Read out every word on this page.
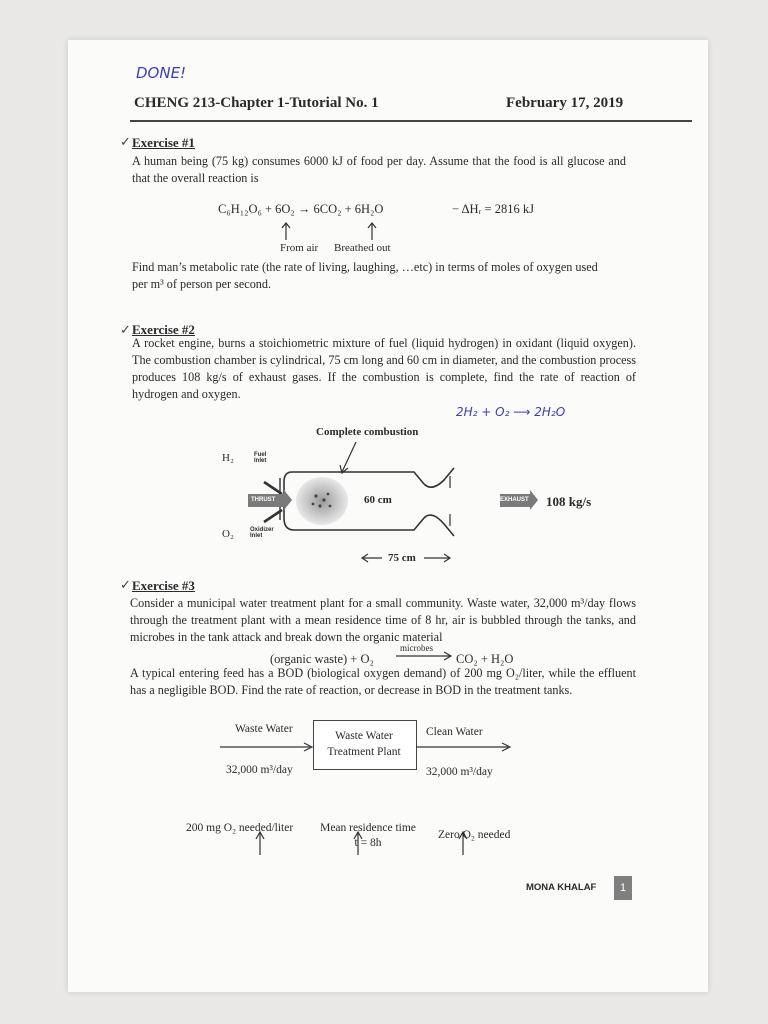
DONE!
CHENG 213-Chapter 1-Tutorial No. 1	February 17, 2019
✓ Exercise #1

A human being (75 kg) consumes 6000 kJ of food per day. Assume that the food is all glucose and that the overall reaction is

C₆H₁₂O₆ + 6O₂ → 6CO₂ + 6H₂O	− ΔHᵣ = 2816 kJ
From air Breathed out

Find man’s metabolic rate (the rate of living, laughing, …etc) in terms of moles of oxygen used

per m³ of person per second.

✓ Exercise #2

A rocket engine, burns a stoichiometric mixture of fuel (liquid hydrogen) in oxidant (liquid oxygen). The combustion chamber is cylindrical, 75 cm long and 60 cm in diameter, and the combustion process produces 108 kg/s of exhaust gases. If the combustion is complete, find the rate of reaction of hydrogen and oxygen.

2H₂ + O₂ ⟶ 2H₂O
Complete combustion
H₂	Fuel Inlet
THRUST	60 cm	EXHAUST 108 kg/s
O₂	Oxidizer Inlet
75 cm
✓ Exercise #3

Consider a municipal water treatment plant for a small community. Waste water, 32,000 m³/day flows through the treatment plant with a mean residence time of 8 hr, air is bubbled through the tanks, and microbes in the tank attack and break down the organic material

(organic waste) + O₂
microbes
→ CO₂ + H₂O

A typical entering feed has a BOD (biological oxygen demand) of 200 mg O₂/liter, while the effluent has a negligible BOD. Find the rate of reaction, or decrease in BOD in the treatment tanks.

Waste Water
Waste Water
Treatment Plant
Clean Water
32,000 m³/day	32,000 m³/day
200 mg O₂ needed/liter Mean residence time
t = 8h
Zero O₂ needed
MONA KHALAF	1
